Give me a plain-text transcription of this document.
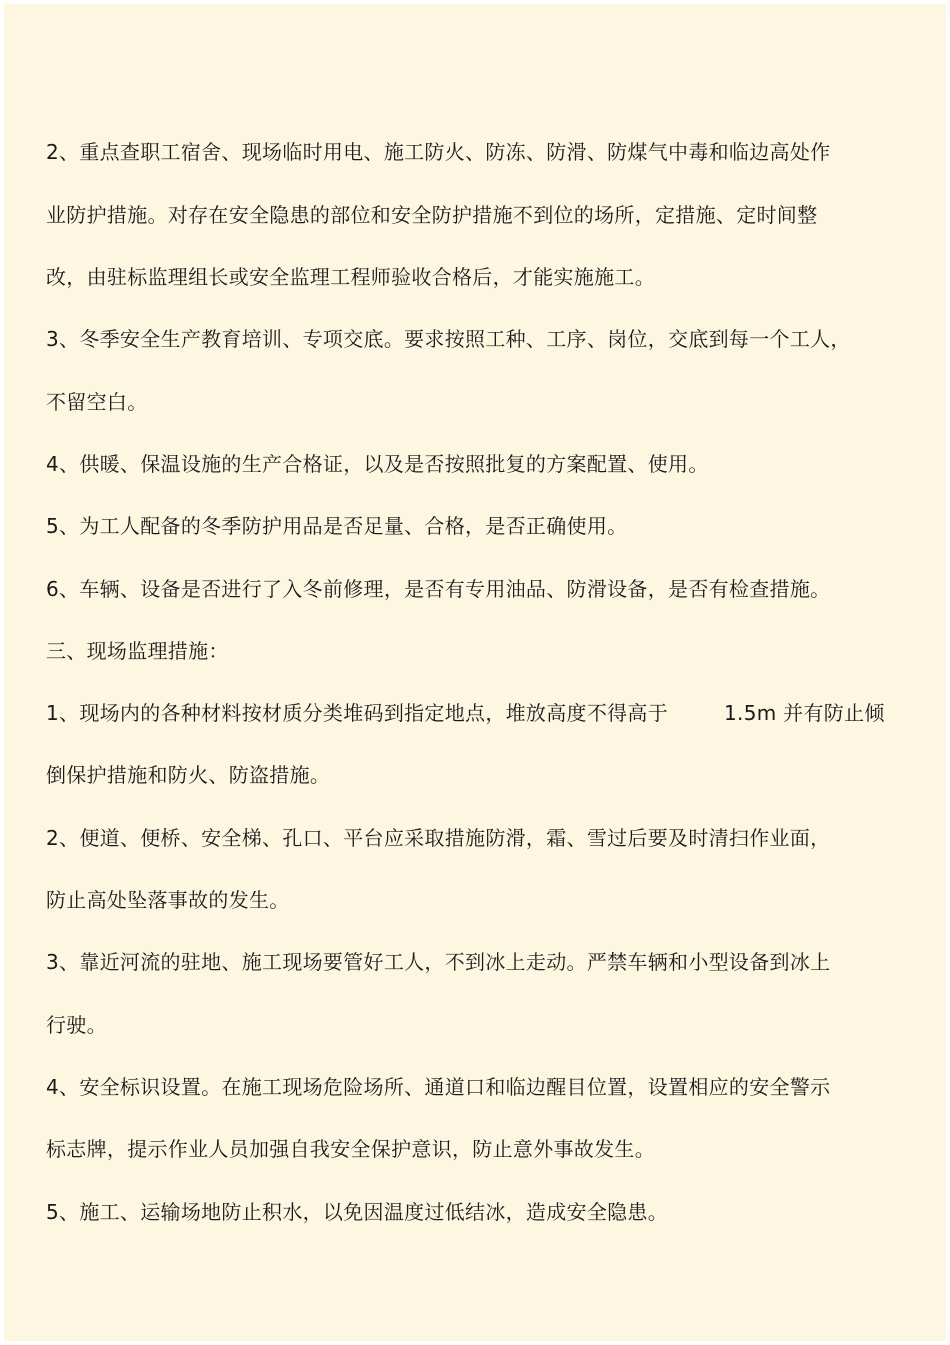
2、重点查职工宿舍、现场临时用电、施工防火、防冻、防滑、防煤气中毒和临边高处作
业防护措施。对存在安全隐患的部位和安全防护措施不到位的场所，定措施、定时间整
改，由驻标监理组长或安全监理工程师验收合格后，才能实施施工。
3、冬季安全生产教育培训、专项交底。要求按照工种、工序、岗位，交底到每一个工人，
不留空白。
4、供暖、保温设施的生产合格证，以及是否按照批复的方案配置、使用。
5、为工人配备的冬季防护用品是否足量、合格，是否正确使用。
6、车辆、设备是否进行了入冬前修理，是否有专用油品、防滑设备，是否有检查措施。
三、现场监理措施：
1、现场内的各种材料按材质分类堆码到指定地点，堆放高度不得高于	1.5m 并有防止倾
倒保护措施和防火、防盗措施。
2、便道、便桥、安全梯、孔口、平台应采取措施防滑，霜、雪过后要及时清扫作业面，
防止高处坠落事故的发生。
3、靠近河流的驻地、施工现场要管好工人，不到冰上走动。严禁车辆和小型设备到冰上
行驶。
4、安全标识设置。在施工现场危险场所、通道口和临边醒目位置，设置相应的安全警示
标志牌，提示作业人员加强自我安全保护意识，防止意外事故发生。
5、施工、运输场地防止积水，以免因温度过低结冰，造成安全隐患。
